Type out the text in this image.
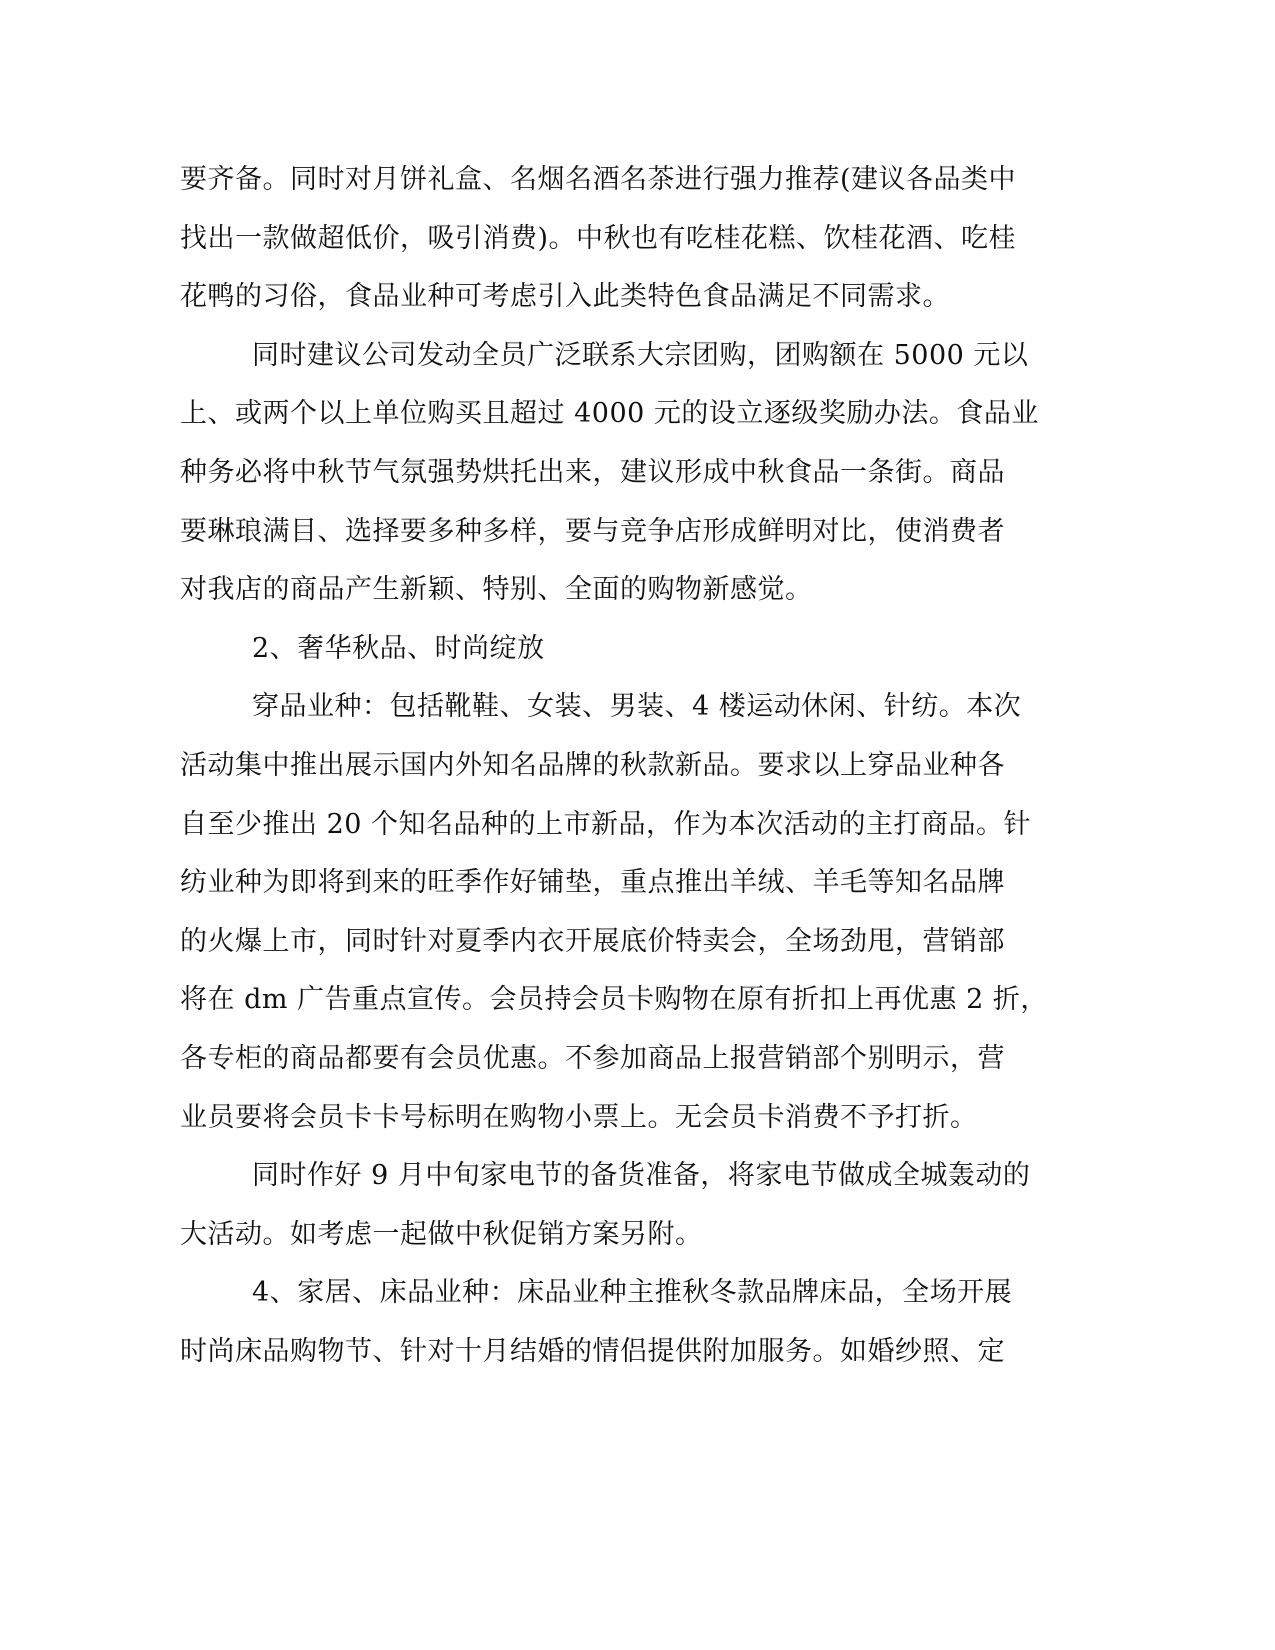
要齐备。同时对月饼礼盒、名烟名酒名茶进行强力推荐(建议各品类中
找出一款做超低价，吸引消费)。中秋也有吃桂花糕、饮桂花酒、吃桂
花鸭的习俗，食品业种可考虑引入此类特色食品满足不同需求。

同时建议公司发动全员广泛联系大宗团购，团购额在 5000 元以
上、或两个以上单位购买且超过 4000 元的设立逐级奖励办法。食品业
种务必将中秋节气氛强势烘托出来，建议形成中秋食品一条街。商品
要琳琅满目、选择要多种多样，要与竞争店形成鲜明对比，使消费者
对我店的商品产生新颖、特别、全面的购物新感觉。

2、奢华秋品、时尚绽放

穿品业种：包括靴鞋、女装、男装、4 楼运动休闲、针纺。本次
活动集中推出展示国内外知名品牌的秋款新品。要求以上穿品业种各
自至少推出 20 个知名品种的上市新品，作为本次活动的主打商品。针
纺业种为即将到来的旺季作好铺垫，重点推出羊绒、羊毛等知名品牌
的火爆上市，同时针对夏季内衣开展底价特卖会，全场劲甩，营销部
将在 dm 广告重点宣传。会员持会员卡购物在原有折扣上再优惠 2 折，
各专柜的商品都要有会员优惠。不参加商品上报营销部个别明示，营
业员要将会员卡卡号标明在购物小票上。无会员卡消费不予打折。

同时作好 9 月中旬家电节的备货准备，将家电节做成全城轰动的
大活动。如考虑一起做中秋促销方案另附。

4、家居、床品业种：床品业种主推秋冬款品牌床品，全场开展
时尚床品购物节、针对十月结婚的情侣提供附加服务。如婚纱照、定
